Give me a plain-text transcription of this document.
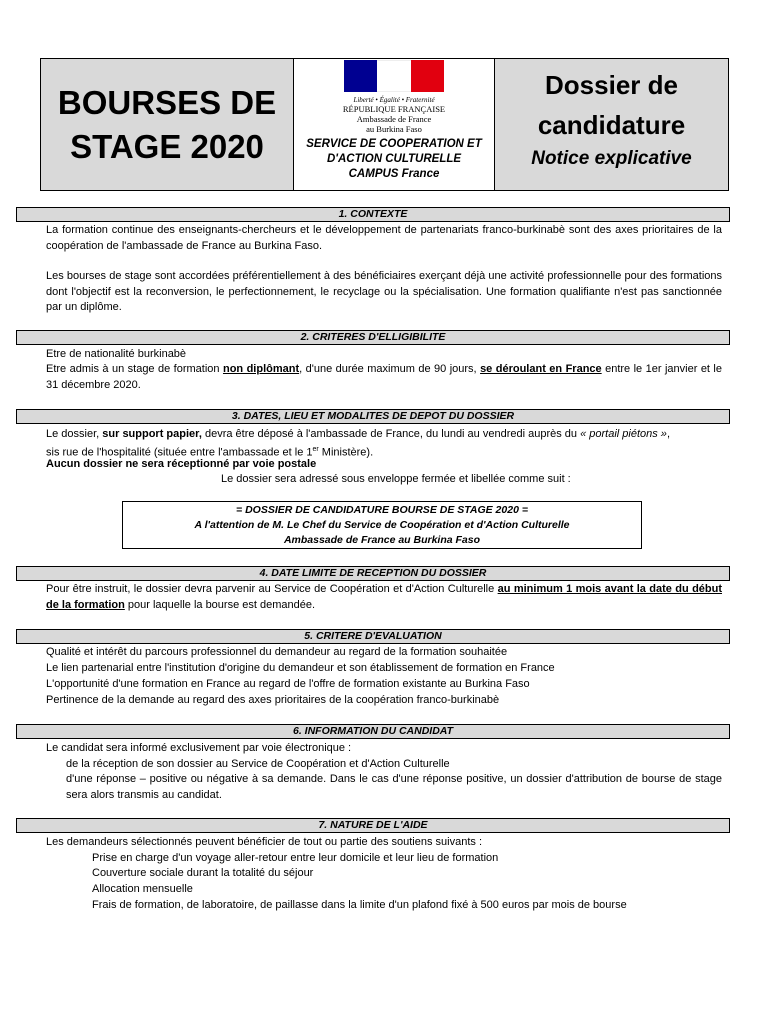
BOURSES DE
STAGE 2020
Liberté • Égalité • Fraternité
RÉPUBLIQUE FRANÇAISE
Ambassade de France
au Burkina Faso
SERVICE DE COOPERATION ET
D'ACTION CULTURELLE
CAMPUS France
Dossier de
candidature
Notice explicative
1. CONTEXTE
La formation continue des enseignants-chercheurs et le développement de partenariats franco-burkinabè sont des axes prioritaires de la coopération de l'ambassade de France au Burkina Faso.
Les bourses de stage sont accordées préférentiellement à des bénéficiaires exerçant déjà une activité professionnelle pour des formations dont l'objectif est la reconversion, le perfectionnement, le recyclage ou la spécialisation. Une formation qualifiante n'est pas sanctionnée par un diplôme.
2. CRITERES D'ELLIGIBILITE
Etre de nationalité burkinabè
Etre admis à un stage de formation non diplômant, d'une durée maximum de 90 jours, se déroulant en France entre le 1er janvier et le 31 décembre 2020.
3. DATES, LIEU ET MODALITES DE DEPOT DU DOSSIER
Le dossier, sur support papier, devra être déposé à l'ambassade de France, du lundi au vendredi auprès du « portail piétons »,
sis rue de l'hospitalité (située entre l'ambassade et le 1er Ministère).
Aucun dossier ne sera réceptionné par voie postale
Le dossier sera adressé sous enveloppe fermée et libellée comme suit :
= DOSSIER DE CANDIDATURE BOURSE DE STAGE 2020 =
A l'attention de M. Le Chef du Service de Coopération et d'Action Culturelle
Ambassade de France au Burkina Faso
4. DATE LIMITE DE RECEPTION DU DOSSIER
Pour être instruit, le dossier devra parvenir au Service de Coopération et d'Action Culturelle au minimum 1 mois avant la date du début de la formation pour laquelle la bourse est demandée.
5. CRITERE D'EVALUATION
Qualité et intérêt du parcours professionnel du demandeur au regard de la formation souhaitée
Le lien partenarial entre l'institution d'origine du demandeur et son établissement de formation en France
L'opportunité d'une formation en France au regard de l'offre de formation existante au Burkina Faso
Pertinence de la demande au regard des axes prioritaires de la coopération franco-burkinabè
6. INFORMATION DU CANDIDAT
Le candidat sera informé exclusivement par voie électronique :
de la réception de son dossier au Service de Coopération et d'Action Culturelle
d'une réponse – positive ou négative à sa demande. Dans le cas d'une réponse positive, un dossier d'attribution de bourse de stage sera alors transmis au candidat.
7. NATURE DE L'AIDE
Les demandeurs sélectionnés peuvent bénéficier de tout ou partie des soutiens suivants :
Prise en charge d'un voyage aller-retour entre leur domicile et leur lieu de formation
Couverture sociale durant la totalité du séjour
Allocation mensuelle
Frais de formation, de laboratoire, de paillasse dans la limite d'un plafond fixé à 500 euros par mois de bourse
